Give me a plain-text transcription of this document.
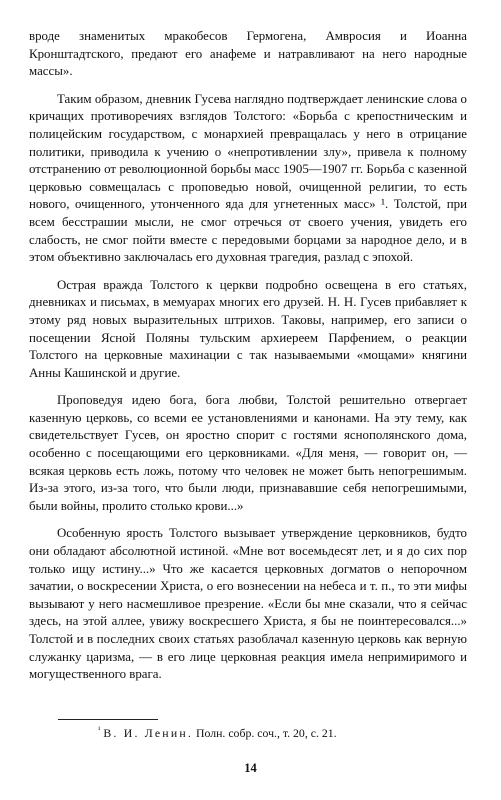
вроде знаменитых мракобесов Гермогена, Амвросия и Иоанна Кронштадтского, предают его анафеме и натравливают на него народные массы».

Таким образом, дневник Гусева наглядно подтверждает ленинские слова о кричащих противоречиях взглядов Толстого: «Борьба с крепостническим и полицейским государством, с монархией превращалась у него в отрицание политики, приводила к учению о «непротивлении злу», привела к полному отстранению от революционной борьбы масс 1905—1907 гг. Борьба с казенной церковью совмещалась с проповедью новой, очищенной религии, то есть нового, очищенного, утонченного яда для угнетенных масс» ¹. Толстой, при всем бесстрашии мысли, не смог отречься от своего учения, увидеть его слабость, не смог пойти вместе с передовыми борцами за народное дело, и в этом объективно заключалась его духовная трагедия, разлад с эпохой.

Острая вражда Толстого к церкви подробно освещена в его статьях, дневниках и письмах, в мемуарах многих его друзей. Н. Н. Гусев прибавляет к этому ряд новых выразительных штрихов. Таковы, например, его записи о посещении Ясной Поляны тульским архиереем Парфением, о реакции Толстого на церковные махинации с так называемыми «мощами» княгини Анны Кашинской и другие.

Проповедуя идею бога, бога любви, Толстой решительно отвергает казенную церковь, со всеми ее установлениями и канонами. На эту тему, как свидетельствует Гусев, он яростно спорит с гостями яснополянского дома, особенно с посещающими его церковниками. «Для меня, — говорит он, — всякая церковь есть ложь, потому что человек не может быть непогрешимым. Из-за этого, из-за того, что были люди, признававшие себя непогрешимыми, были войны, пролито столько крови...»

Особенную ярость Толстого вызывает утверждение церковников, будто они обладают абсолютной истиной. «Мне вот восемьдесят лет, и я до сих пор только ищу истину...» Что же касается церковных догматов о непорочном зачатии, о воскресении Христа, о его вознесении на небеса и т. п., то эти мифы вызывают у него насмешливое презрение. «Если бы мне сказали, что я сейчас здесь, на этой аллее, увижу воскресшего Христа, я бы не поинтересовался...» Толстой и в последних своих статьях разоблачал казенную церковь как верную служанку царизма, — в его лице церковная реакция имела непримиримого и могущественного врага.

$^{^1}$ В. И. Ленин. Полн. собр. соч., т. 20, с. 21.
14
